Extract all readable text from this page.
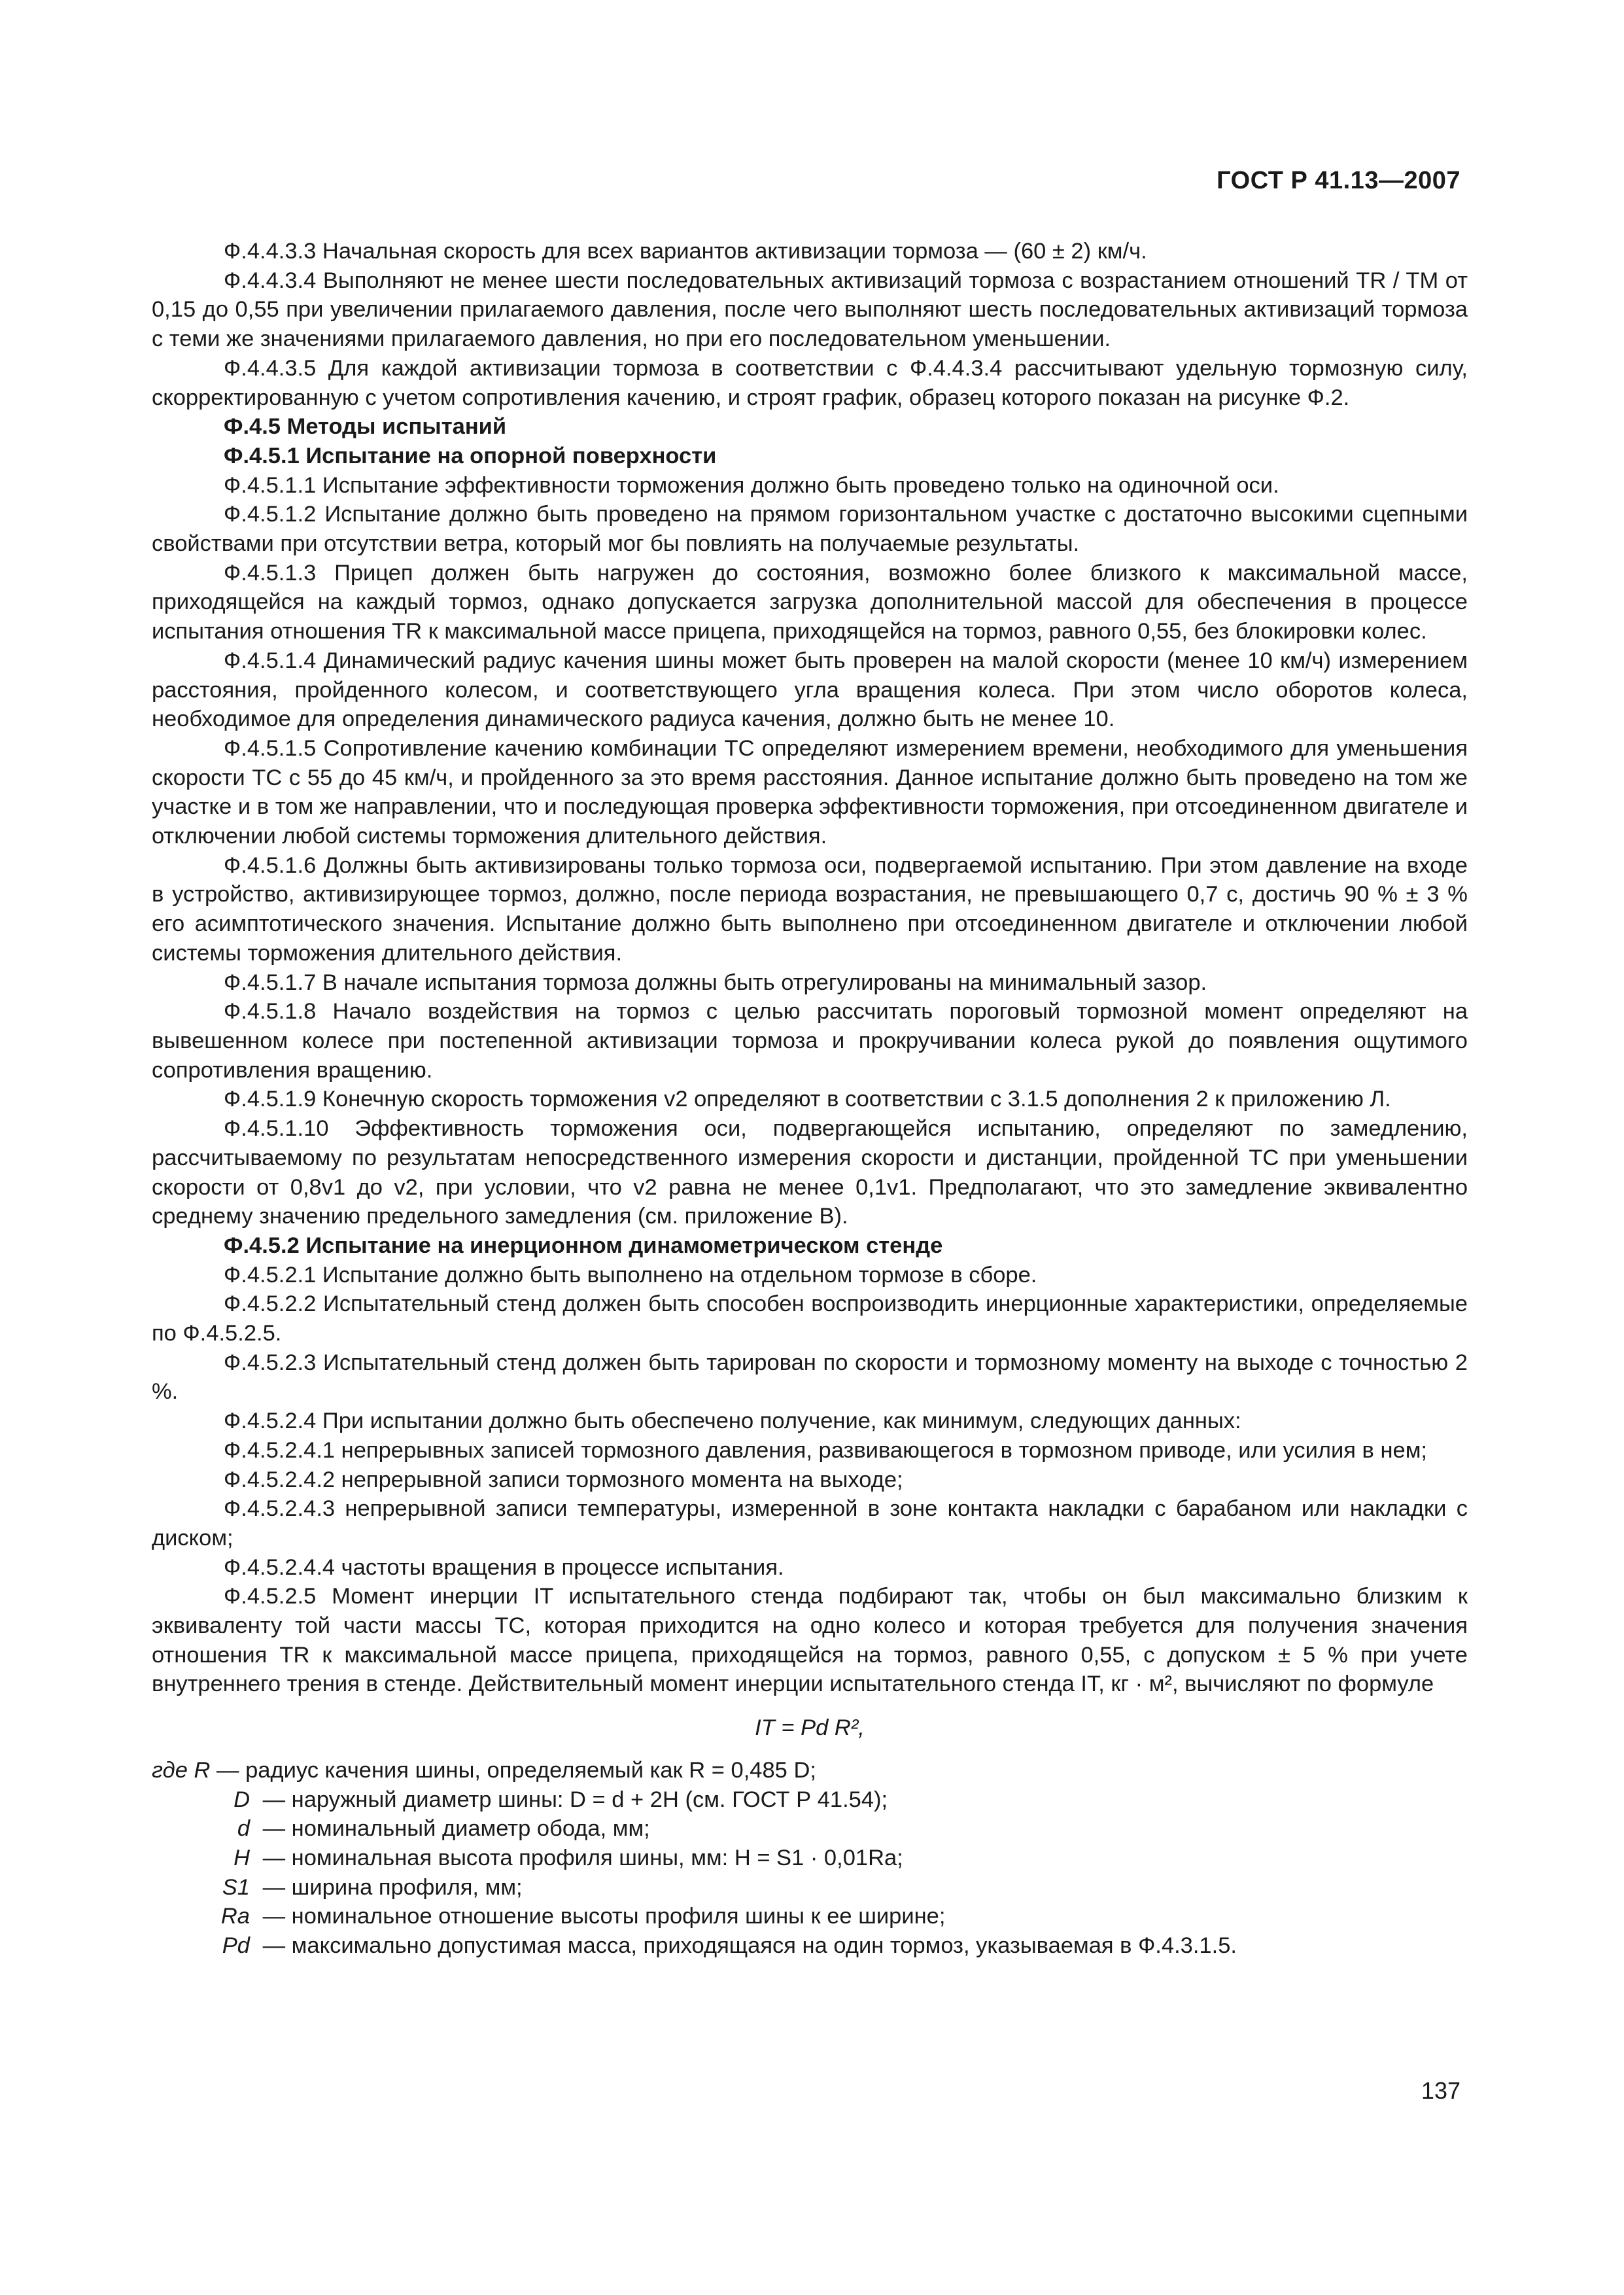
ГОСТ Р 41.13—2007

Ф.4.4.3.3 Начальная скорость для всех вариантов активизации тормоза — (60 ± 2) км/ч.

Ф.4.4.3.4 Выполняют не менее шести последовательных активизаций тормоза с возрастанием отношений TR / TM от 0,15 до 0,55 при увеличении прилагаемого давления, после чего выполняют шесть последовательных активизаций тормоза с теми же значениями прилагаемого давления, но при его последовательном уменьшении.

Ф.4.4.3.5 Для каждой активизации тормоза в соответствии с Ф.4.4.3.4 рассчитывают удельную тормозную силу, скорректированную с учетом сопротивления качению, и строят график, образец которого показан на рисунке Ф.2.

Ф.4.5 Методы испытаний

Ф.4.5.1 Испытание на опорной поверхности

Ф.4.5.1.1 Испытание эффективности торможения должно быть проведено только на одиночной оси.

Ф.4.5.1.2 Испытание должно быть проведено на прямом горизонтальном участке с достаточно высокими сцепными свойствами при отсутствии ветра, который мог бы повлиять на получаемые результаты.

Ф.4.5.1.3 Прицеп должен быть нагружен до состояния, возможно более близкого к максимальной массе, приходящейся на каждый тормоз, однако допускается загрузка дополнительной массой для обеспечения в процессе испытания отношения TR к максимальной массе прицепа, приходящейся на тормоз, равного 0,55, без блокировки колес.

Ф.4.5.1.4 Динамический радиус качения шины может быть проверен на малой скорости (менее 10 км/ч) измерением расстояния, пройденного колесом, и соответствующего угла вращения колеса. При этом число оборотов колеса, необходимое для определения динамического радиуса качения, должно быть не менее 10.

Ф.4.5.1.5 Сопротивление качению комбинации ТС определяют измерением времени, необходимого для уменьшения скорости ТС с 55 до 45 км/ч, и пройденного за это время расстояния. Данное испытание должно быть проведено на том же участке и в том же направлении, что и последующая проверка эффективности торможения, при отсоединенном двигателе и отключении любой системы торможения длительного действия.

Ф.4.5.1.6 Должны быть активизированы только тормоза оси, подвергаемой испытанию. При этом давление на входе в устройство, активизирующее тормоз, должно, после периода возрастания, не превышающего 0,7 с, достичь 90 % ± 3 % его асимптотического значения. Испытание должно быть выполнено при отсоединенном двигателе и отключении любой системы торможения длительного действия.

Ф.4.5.1.7 В начале испытания тормоза должны быть отрегулированы на минимальный зазор.

Ф.4.5.1.8 Начало воздействия на тормоз с целью рассчитать пороговый тормозной момент определяют на вывешенном колесе при постепенной активизации тормоза и прокручивании колеса рукой до появления ощутимого сопротивления вращению.

Ф.4.5.1.9 Конечную скорость торможения v2 определяют в соответствии с 3.1.5 дополнения 2 к приложению Л.

Ф.4.5.1.10 Эффективность торможения оси, подвергающейся испытанию, определяют по замедлению, рассчитываемому по результатам непосредственного измерения скорости и дистанции, пройденной ТС при уменьшении скорости от 0,8v1 до v2, при условии, что v2 равна не менее 0,1v1. Предполагают, что это замедление эквивалентно среднему значению предельного замедления (см. приложение В).

Ф.4.5.2 Испытание на инерционном динамометрическом стенде

Ф.4.5.2.1 Испытание должно быть выполнено на отдельном тормозе в сборе.

Ф.4.5.2.2 Испытательный стенд должен быть способен воспроизводить инерционные характеристики, определяемые по Ф.4.5.2.5.

Ф.4.5.2.3 Испытательный стенд должен быть тарирован по скорости и тормозному моменту на выходе с точностью 2 %.

Ф.4.5.2.4 При испытании должно быть обеспечено получение, как минимум, следующих данных:

Ф.4.5.2.4.1 непрерывных записей тормозного давления, развивающегося в тормозном приводе, или усилия в нем;

Ф.4.5.2.4.2 непрерывной записи тормозного момента на выходе;

Ф.4.5.2.4.3 непрерывной записи температуры, измеренной в зоне контакта накладки с барабаном или накладки с диском;

Ф.4.5.2.4.4 частоты вращения в процессе испытания.

Ф.4.5.2.5 Момент инерции IT испытательного стенда подбирают так, чтобы он был максимально близким к эквиваленту той части массы ТС, которая приходится на одно колесо и которая требуется для получения значения отношения TR к максимальной массе прицепа, приходящейся на тормоз, равного 0,55, с допуском ± 5 % при учете внутреннего трения в стенде. Действительный момент инерции испытательного стенда IT, кг · м², вычисляют по формуле

IT = Pd R²,
где R
— радиус качения шины, определяемый как R = 0,485 D;
D
— наружный диаметр шины: D = d + 2H (см. ГОСТ Р 41.54);
d
— номинальный диаметр обода, мм;
H
— номинальная высота профиля шины, мм: H = S1 · 0,01Ra;
S1
— ширина профиля, мм;
Ra
— номинальное отношение высоты профиля шины к ее ширине;
Pd
— максимально допустимая масса, приходящаяся на один тормоз, указываемая в Ф.4.3.1.5.
137
